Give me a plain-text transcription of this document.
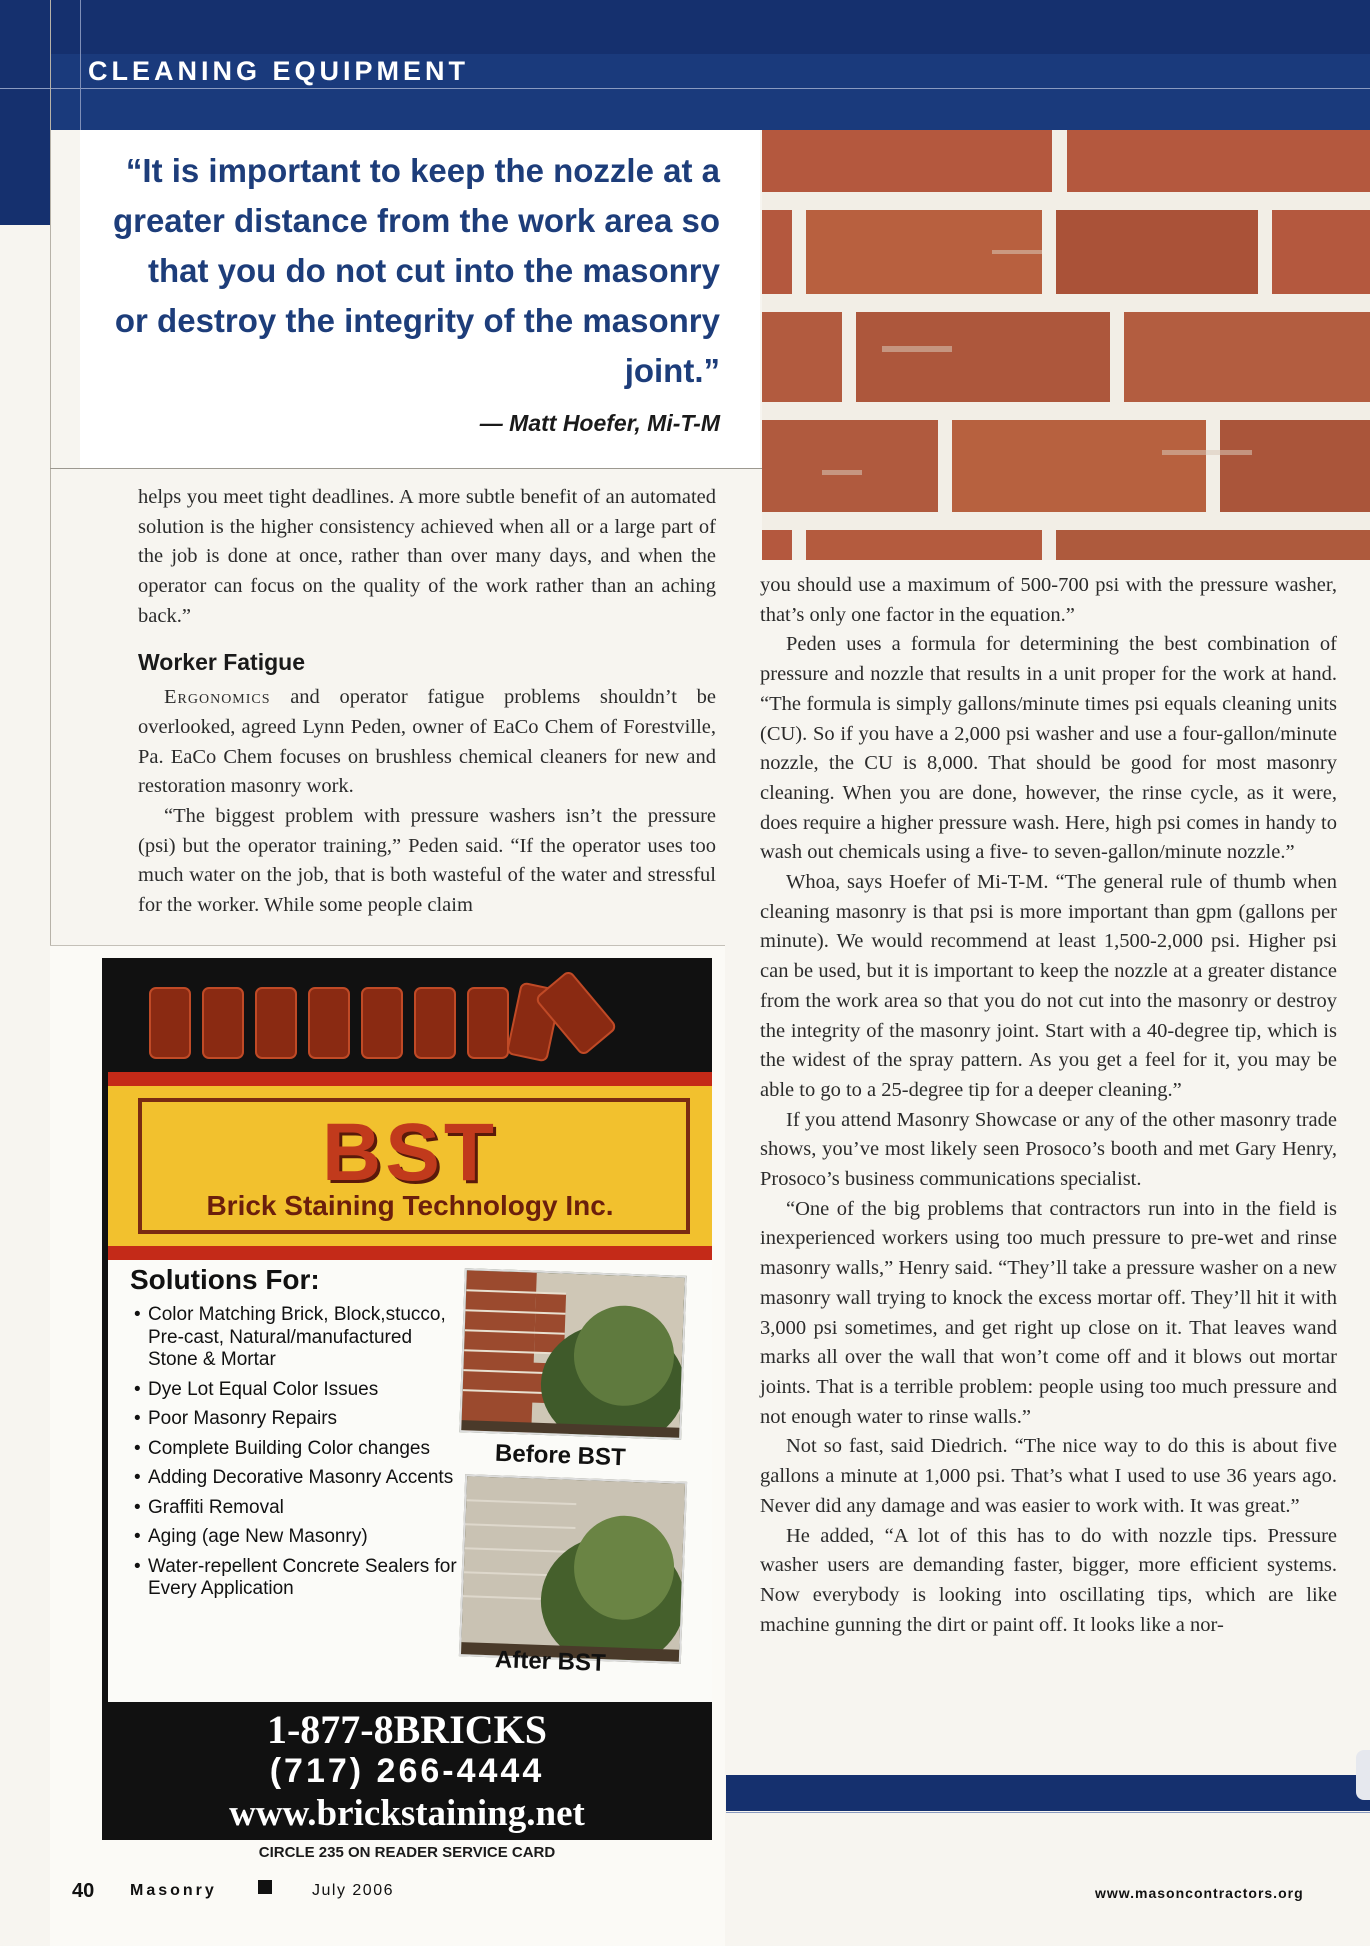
CLEANING EQUIPMENT
“It is important to keep the nozzle at a greater distance from the work area so that you do not cut into the masonry or destroy the integrity of the masonry joint.”
— Matt Hoefer, Mi-T-M

helps you meet tight deadlines. A more subtle benefit of an automated solution is the higher consistency achieved when all or a large part of the job is done at once, rather than over many days, and when the operator can focus on the quality of the work rather than an aching back.”

Worker Fatigue

Ergonomics and operator fatigue problems shouldn’t be overlooked, agreed Lynn Peden, owner of EaCo Chem of Forestville, Pa. EaCo Chem focuses on brushless chemical cleaners for new and restoration masonry work.

“The biggest problem with pressure washers isn’t the pressure (psi) but the operator training,” Peden said. “If the operator uses too much water on the job, that is both wasteful of the water and stressful for the worker. While some people claim

you should use a maximum of 500-700 psi with the pressure washer, that’s only one factor in the equation.”

Peden uses a formula for determining the best combination of pressure and nozzle that results in a unit proper for the work at hand. “The formula is simply gallons/minute times psi equals cleaning units (CU). So if you have a 2,000 psi washer and use a four-gallon/minute nozzle, the CU is 8,000. That should be good for most masonry cleaning. When you are done, however, the rinse cycle, as it were, does require a higher pressure wash. Here, high psi comes in handy to wash out chemicals using a five- to seven-gallon/minute nozzle.”

Whoa, says Hoefer of Mi-T-M. “The general rule of thumb when cleaning masonry is that psi is more important than gpm (gallons per minute). We would recommend at least 1,500-2,000 psi. Higher psi can be used, but it is important to keep the nozzle at a greater distance from the work area so that you do not cut into the masonry or destroy the integrity of the masonry joint. Start with a 40-degree tip, which is the widest of the spray pattern. As you get a feel for it, you may be able to go to a 25-degree tip for a deeper cleaning.”

If you attend Masonry Showcase or any of the other masonry trade shows, you’ve most likely seen Prosoco’s booth and met Gary Henry, Prosoco’s business communications specialist.

“One of the big problems that contractors run into in the field is inexperienced workers using too much pressure to pre-wet and rinse masonry walls,” Henry said. “They’ll take a pressure washer on a new masonry wall trying to knock the excess mortar off. They’ll hit it with 3,000 psi sometimes, and get right up close on it. That leaves wand marks all over the wall that won’t come off and it blows out mortar joints. That is a terrible problem: people using too much pressure and not enough water to rinse walls.”

Not so fast, said Diedrich. “The nice way to do this is about five gallons a minute at 1,000 psi. That’s what I used to use 36 years ago. Never did any damage and was easier to work with. It was great.”

He added, “A lot of this has to do with nozzle tips. Pressure washer users are demanding faster, bigger, more efficient systems. Now everybody is looking into oscillating tips, which are like machine gunning the dirt or paint off. It looks like a nor-

BST
Brick Staining Technology Inc.
Solutions For:
• Color Matching Brick, Block,stucco, Pre-cast, Natural/manufactured Stone & Mortar
• Dye Lot Equal Color Issues
• Poor Masonry Repairs
• Complete Building Color changes
• Adding Decorative Masonry Accents
• Graffiti Removal
• Aging (age New Masonry)
• Water-repellent Concrete Sealers for Every Application
Before BST
After BST
1-877-8BRICKS
(717) 266-4444
www.brickstaining.net
CIRCLE 235 ON READER SERVICE CARD
40 Masonry	July 2006	www.masoncontractors.org
